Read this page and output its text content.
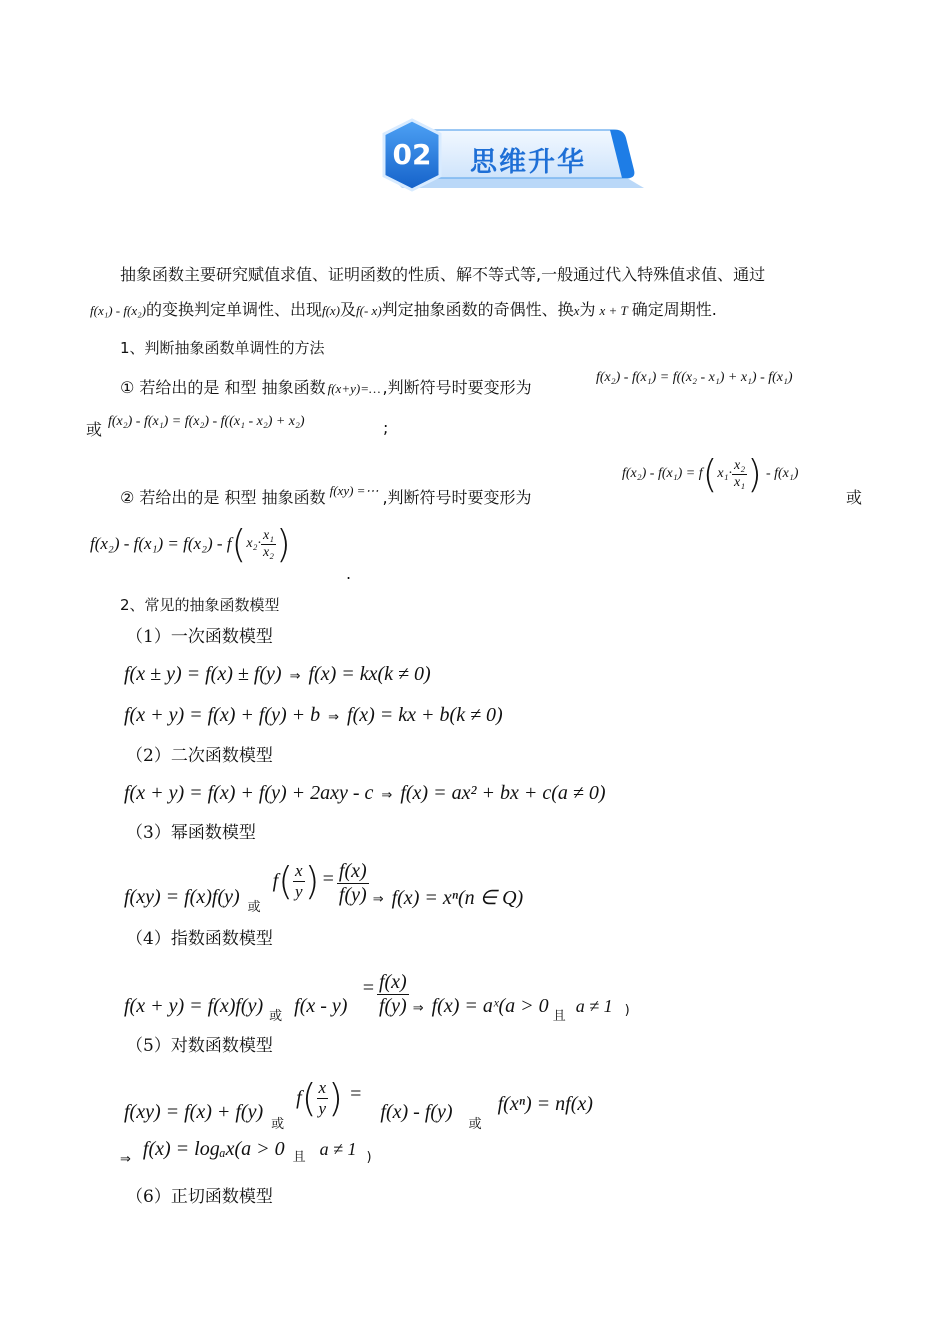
02 思维升华
抽象函数主要研究赋值求值、证明函数的性质、解不等式等,一般通过代入特殊值求值、通过
f(x₁) - f(x₂)的变换判定单调性、出现f(x)及f(- x)判定抽象函数的奇偶性、换x为 x + T 确定周期性.
1、判断抽象函数单调性的方法
① 若给出的是 和型 抽象函数 f(x+y)=… ,判断符号时要变形为
f(x₂) - f(x₁) = f((x₂ - x₁) + x₁) - f(x₁)
或 f(x₂) - f(x₁) = f(x₂) - f((x₁ - x₂) + x₂)	;
② 若给出的是 积型 抽象函数 $^{f(xy) =\cdots}$ ,判断符号时要变形为
f(x₂) - f(x₁) = f ( $x_1\cdot \frac{\text{x₂}}{\text{x₁}}$ ) - f(x₁)
或
f(x₂) - f(x₁) = f(x₂) - f ( $x_2\cdot \frac{\text{x₁}}{\text{x₂}}$ )
.
2、常见的抽象函数模型
（1）一次函数模型
f(x ± y) = f(x) ± f(y) ⇒ f(x) = kx(k ≠ 0)
f(x + y) = f(x) + f(y) + b ⇒ f(x) = kx + b(k ≠ 0)
（2）二次函数模型
f(x + y) = f(x) + f(y) + 2axy - c ⇒ f(x) = ax² + bx + c(a ≠ 0)
（3）幂函数模型
f(xy) = f(x)f(y) 或
f ( $\frac{x}{y}$ ) = $\frac{f(x)}{f(y)}$ ⇒ f(x) = xⁿ(n ∈ Q)
（4）指数函数模型
f(x + y) = f(x)f(y) 或 f(x - y)
= $\frac{f(x)}{f(y)}$ ⇒ f(x) = aˣ(a > 0 且
a ≠ 1 )
（5）对数函数模型
f(xy) = f(x) + f(y)
或
f ( $\frac{x}{y}$ ) =
f(x) - f(y)
或
f(xⁿ) = nf(x)
⇒ f(x) = logₐx(a > 0 且 a ≠ 1 )
（6）正切函数模型
